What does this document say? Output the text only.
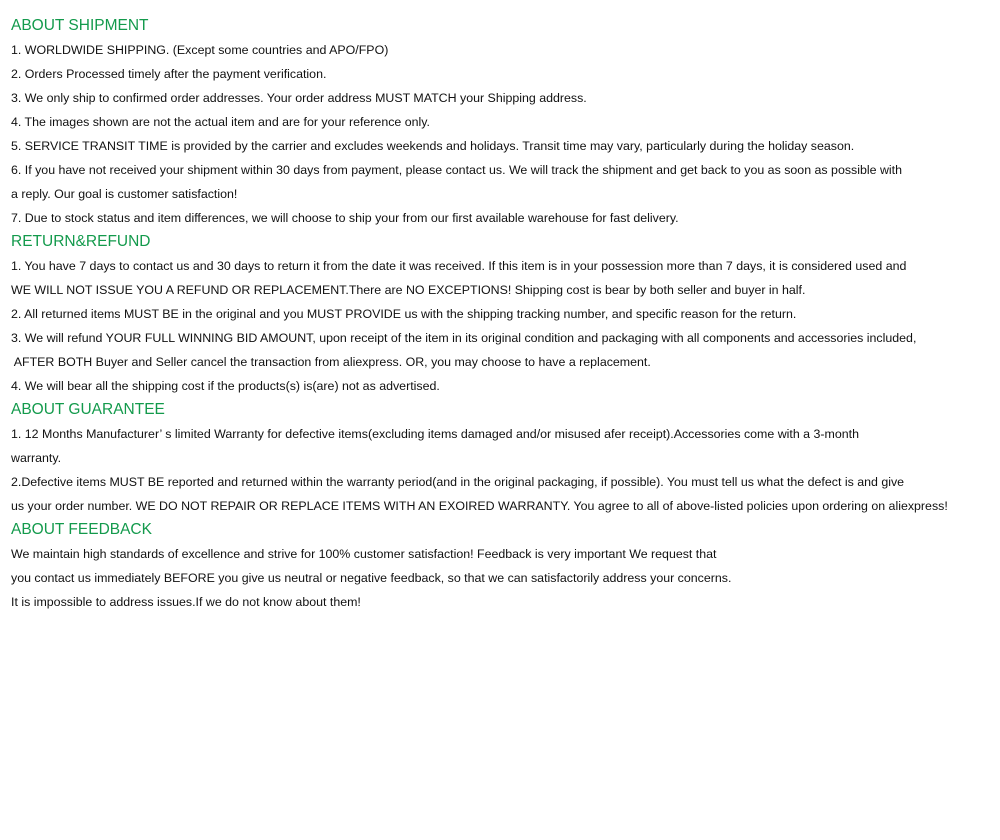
ABOUT SHIPMENT
1. WORLDWIDE SHIPPING. (Except some countries and APO/FPO)
2. Orders Processed timely after the payment verification.
3. We only ship to confirmed order addresses. Your order address MUST MATCH your Shipping address.
4. The images shown are not the actual item and are for your reference only.
5. SERVICE TRANSIT TIME is provided by the carrier and excludes weekends and holidays. Transit time may vary, particularly during the holiday season.
6. If you have not received your shipment within 30 days from payment, please contact us. We will track the shipment and get back to you as soon as possible with
a reply. Our goal is customer satisfaction!
7. Due to stock status and item differences, we will choose to ship your from our first available warehouse for fast delivery.
RETURN&REFUND
1. You have 7 days to contact us and 30 days to return it from the date it was received. If this item is in your possession more than 7 days, it is considered used and
WE WILL NOT ISSUE YOU A REFUND OR REPLACEMENT.There are NO EXCEPTIONS! Shipping cost is bear by both seller and buyer in half.
2. All returned items MUST BE in the original and you MUST PROVIDE us with the shipping tracking number, and specific reason for the return.
3. We will refund YOUR FULL WINNING BID AMOUNT, upon receipt of the item in its original condition and packaging with all components and accessories included,
AFTER BOTH Buyer and Seller cancel the transaction from aliexpress. OR, you may choose to have a replacement.
4. We will bear all the shipping cost if the products(s) is(are) not as advertised.
ABOUT GUARANTEE
1. 12 Months Manufacturer’ s limited Warranty for defective items(excluding items damaged and/or misused afer receipt).Accessories come with a 3-month
warranty.
2.Defective items MUST BE reported and returned within the warranty period(and in the original packaging, if possible). You must tell us what the defect is and give
us your order number. WE DO NOT REPAIR OR REPLACE ITEMS WITH AN EXOIRED WARRANTY. You agree to all of above-listed policies upon ordering on aliexpress!
ABOUT FEEDBACK
We maintain high standards of excellence and strive for 100% customer satisfaction! Feedback is very important We request that
you contact us immediately BEFORE you give us neutral or negative feedback, so that we can satisfactorily address your concerns.
It is impossible to address issues.If we do not know about them!
